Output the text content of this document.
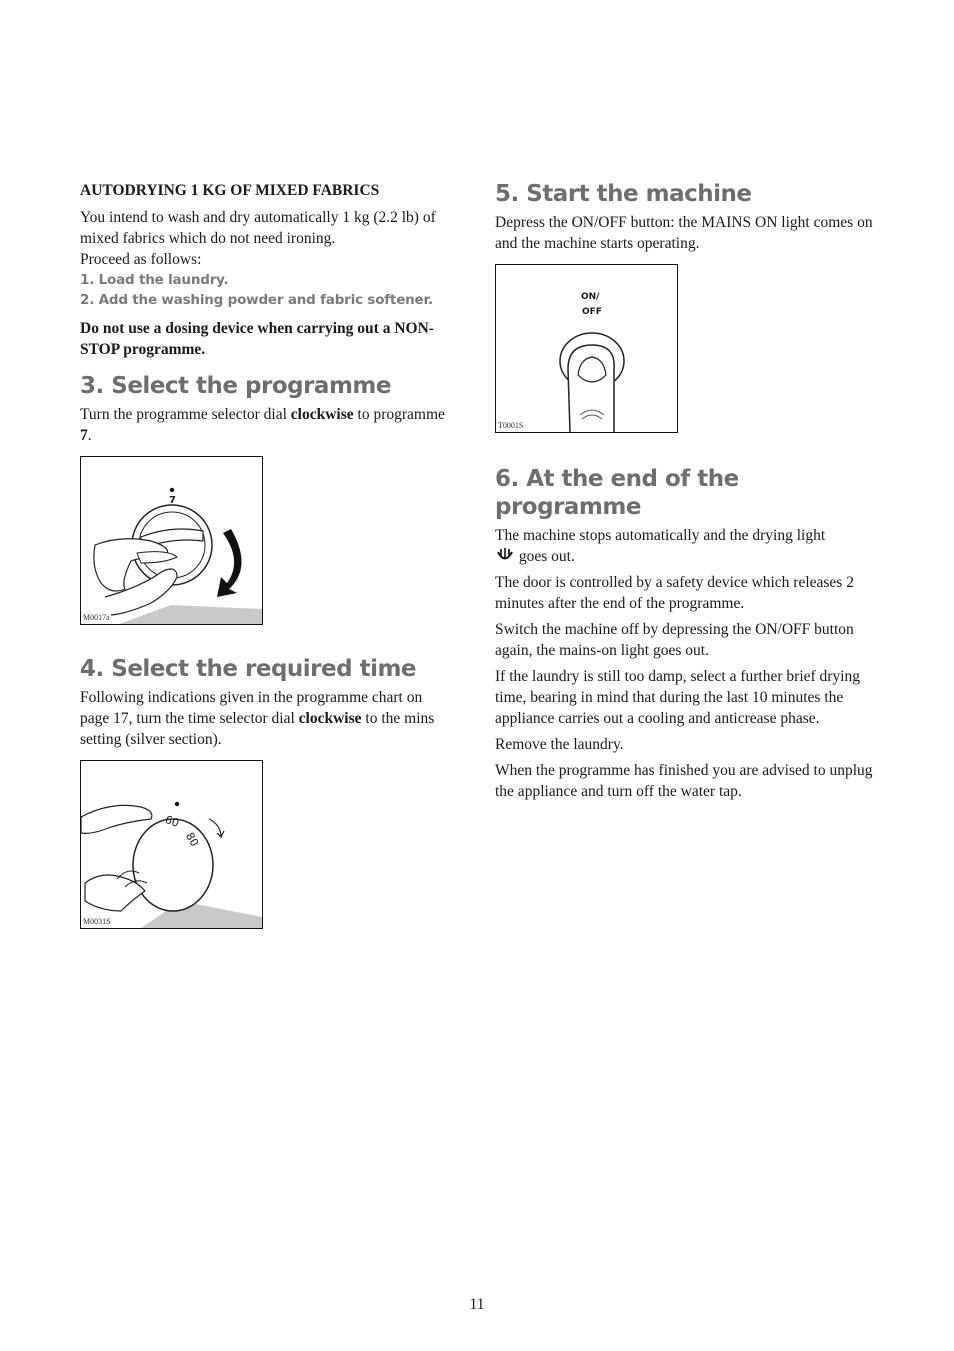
AUTODRYING 1 KG OF MIXED FABRICS

You intend to wash and dry automatically 1 kg (2.2 lb) of mixed fabrics which do not need ironing.

Proceed as follows:

1. Load the laundry.
2. Add the washing powder and fabric softener.

Do not use a dosing device when carrying out a NON-STOP programme.

3. Select the programme

Turn the programme selector dial clockwise to programme 7.

M0017a
7
4. Select the required time

Following indications given in the programme chart on page 17, turn the time selector dial clockwise to the mins setting (silver section).

M0031S
60
80
5. Start the machine

Depress the ON/OFF button: the MAINS ON light comes on and the machine starts operating.

ON/
OFF
T0001S
6. At the end of the programme

The machine stops automatically and the drying light
goes out.

The door is controlled by a safety device which releases 2 minutes after the end of the programme.

Switch the machine off by depressing the ON/OFF button again, the mains-on light goes out.

If the laundry is still too damp, select a further brief drying time, bearing in mind that during the last 10 minutes the appliance carries out a cooling and anticrease phase.

Remove the laundry.

When the programme has finished you are advised to unplug the appliance and turn off the water tap.

11
